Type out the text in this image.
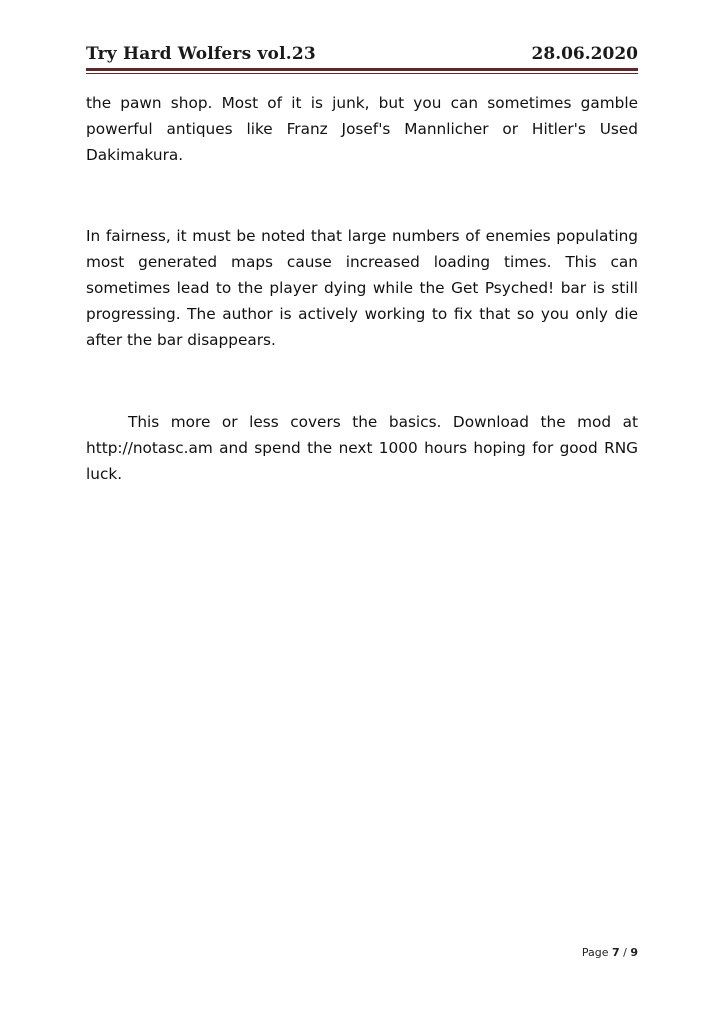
Try Hard Wolfers vol.23	28.06.2020

the pawn shop. Most of it is junk, but you can sometimes gamble powerful antiques like Franz Josef's Mannlicher or Hitler's Used Dakimakura.

In fairness, it must be noted that large numbers of enemies populating most generated maps cause increased loading times. This can sometimes lead to the player dying while the Get Psyched! bar is still progressing. The author is actively working to fix that so you only die after the bar disappears.

This more or less covers the basics. Download the mod at http://notasc.am and spend the next 1000 hours hoping for good RNG luck.

Page 7 / 9
